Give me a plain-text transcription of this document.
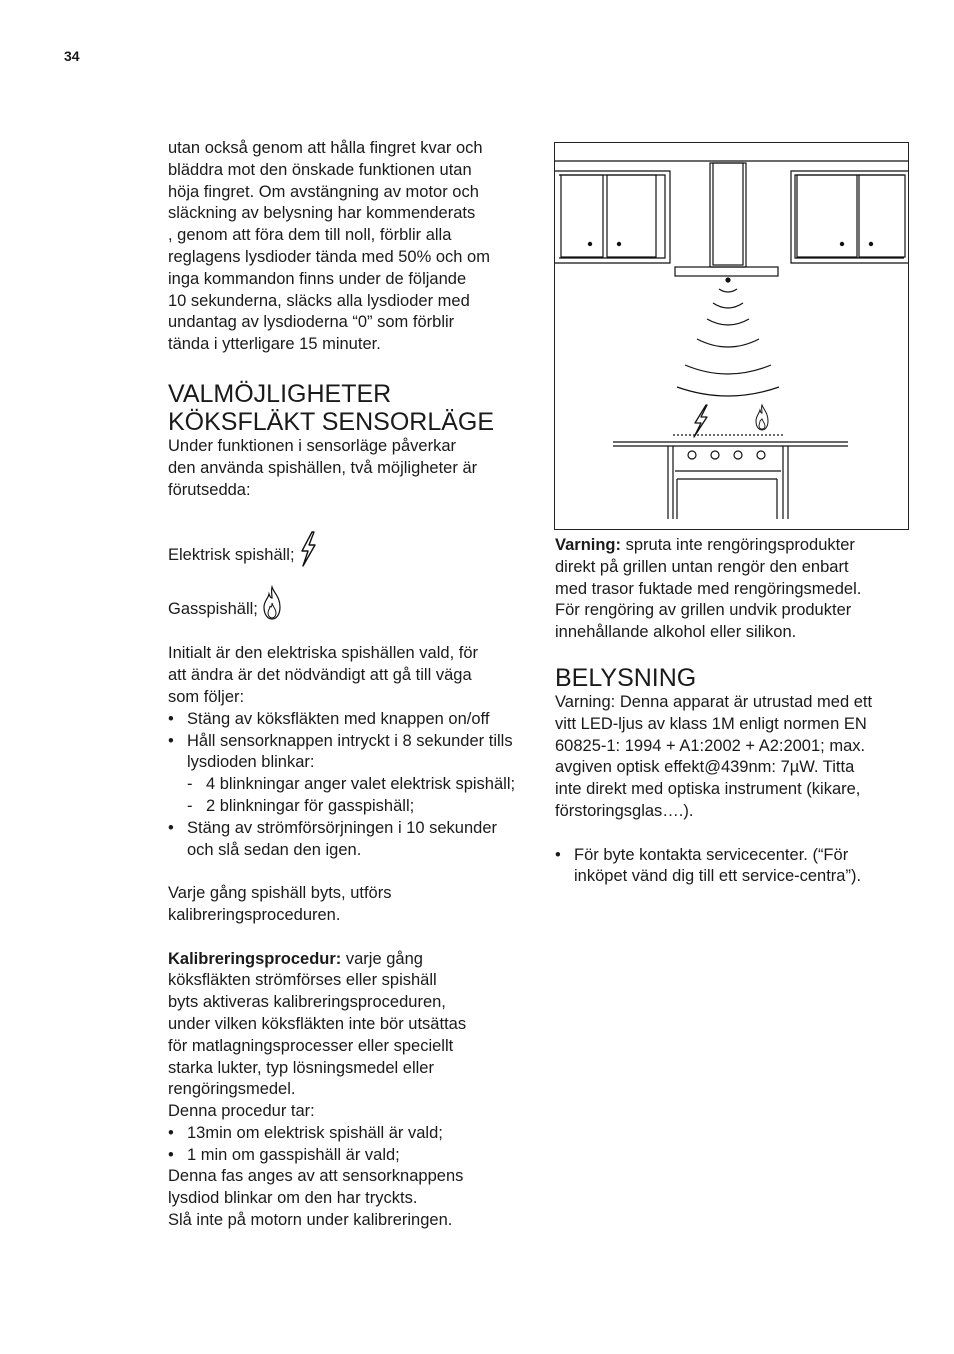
34

utan också genom att hålla fingret kvar och
bläddra mot den önskade funktionen utan
höja fingret. Om avstängning av motor och
släckning av belysning har kommenderats
, genom att föra dem till noll, förblir alla
reglagens lysdioder tända med 50% och om
inga kommandon finns under de följande
10 sekunderna, släcks alla lysdioder med
undantag av lysdioderna “0” som förblir
tända i ytterligare 15 minuter.

VALMÖJLIGHETER
KÖKSFLÄKT SENSORLÄGE

Under funktionen i sensorläge påverkar
den använda spishällen, två möjligheter är
förutsedda:

Elektrisk spishäll;

Gasspishäll;

Initialt är den elektriska spishällen vald, för
att ändra är det nödvändigt att gå till väga
som följer:

• Stäng av köksfläkten med knappen on/off
• Håll sensorknappen intryckt i 8 sekunder tills lysdioden blinkar:
- 4 blinkningar anger valet elektrisk spishäll;
- 2 blinkningar för gasspishäll;
• Stäng av strömförsörjningen i 10 sekunder och slå sedan den igen.

Varje gång spishäll byts, utförs
kalibreringsproceduren.

Kalibreringsprocedur: varje gång
köksfläkten strömförses eller spishäll
byts aktiveras kalibreringsproceduren,
under vilken köksfläkten inte bör utsättas
för matlagningsprocesser eller speciellt
starka lukter, typ lösningsmedel eller
rengöringsmedel.
Denna procedur tar:

• 13min om elektrisk spishäll är vald;
• 1 min om gasspishäll är vald;

Denna fas anges av att sensorknappens
lysdiod blinkar om den har tryckts.
Slå inte på motorn under kalibreringen.

Varning: spruta inte rengöringsprodukter
direkt på grillen untan rengör den enbart
med trasor fuktade med rengöringsmedel.
För rengöring av grillen undvik produkter
innehållande alkohol eller silikon.

BELYSNING

Varning: Denna apparat är utrustad med ett
vitt LED-ljus av klass 1M enligt normen EN
60825-1: 1994 + A1:2002 + A2:2001; max.
avgiven optisk effekt@439nm: 7µW. Titta
inte direkt med optiska instrument (kikare,
förstoringsglas….).

• För byte kontakta servicecenter. (“För inköpet vänd dig till ett service-centra”).
